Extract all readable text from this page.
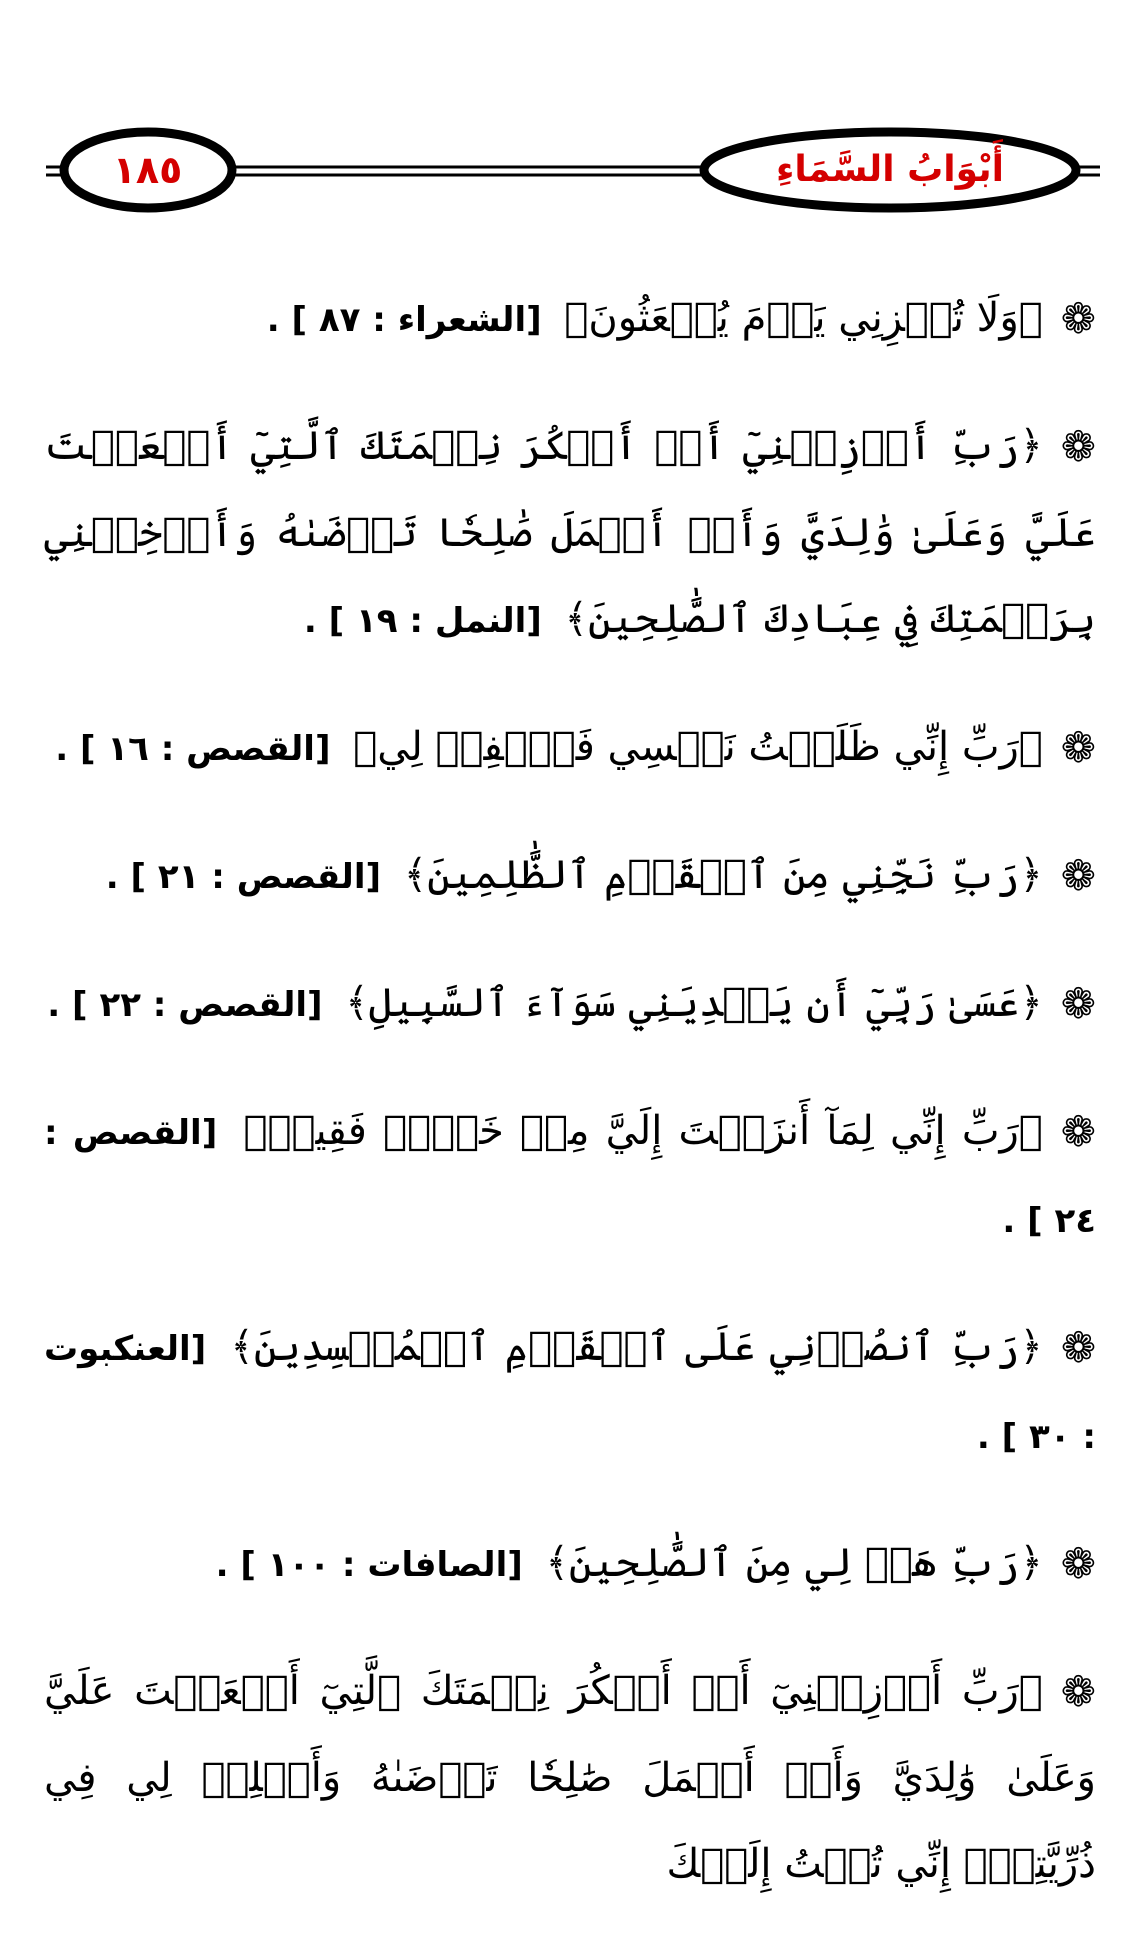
١٨٥	أَبْوَابُ السَّمَاءِ

❁﴿وَلَا تُخۡزِنِي يَوۡمَ يُبۡعَثُونَ﴾ [الشعراء : ٨٧ ] .

❁﴿رَبِّ أَوۡزِعۡنِيٓ أَنۡ أَشۡكُرَ نِعۡمَتَكَ ٱلَّتِيٓ أَنۡعَمۡتَ عَلَيَّ وَعَلَىٰ وَٰلِدَيَّ وَأَنۡ أَعۡمَلَ صَٰلِحٗا تَرۡضَىٰهُ وَأَدۡخِلۡنِي بِرَحۡمَتِكَ فِي عِبَادِكَ ٱلصَّٰلِحِينَ﴾ [النمل : ١٩ ] .

❁﴿رَبِّ إِنِّي ظَلَمۡتُ نَفۡسِي فَٱغۡفِرۡ لِي﴾ [القصص : ١٦ ] .

❁﴿رَبِّ نَجِّنِي مِنَ ٱلۡقَوۡمِ ٱلظَّٰلِمِينَ﴾ [القصص : ٢١ ] .

❁﴿عَسَىٰ رَبِّيٓ أَن يَهۡدِيَنِي سَوَآءَ ٱلسَّبِيلِ﴾ [القصص : ٢٢ ] .

❁﴿رَبِّ إِنِّي لِمَآ أَنزَلۡتَ إِلَيَّ مِنۡ خَيۡرٖ فَقِيرٞ﴾ [القصص : ٢٤ ] .

❁﴿رَبِّ ٱنصُرۡنِي عَلَى ٱلۡقَوۡمِ ٱلۡمُفۡسِدِينَ﴾ [العنكبوت : ٣٠ ] .

❁﴿رَبِّ هَبۡ لِي مِنَ ٱلصَّٰلِحِينَ﴾ [الصافات : ١٠٠ ] .

❁﴿رَبِّ أَوۡزِعۡنِيٓ أَنۡ أَشۡكُرَ نِعۡمَتَكَ ٱلَّتِيٓ أَنۡعَمۡتَ عَلَيَّ وَعَلَىٰ وَٰلِدَيَّ وَأَنۡ أَعۡمَلَ صَٰلِحٗا تَرۡضَىٰهُ وَأَصۡلِحۡ لِي فِي ذُرِّيَّتِيٓۖ إِنِّي تُبۡتُ إِلَيۡكَ
